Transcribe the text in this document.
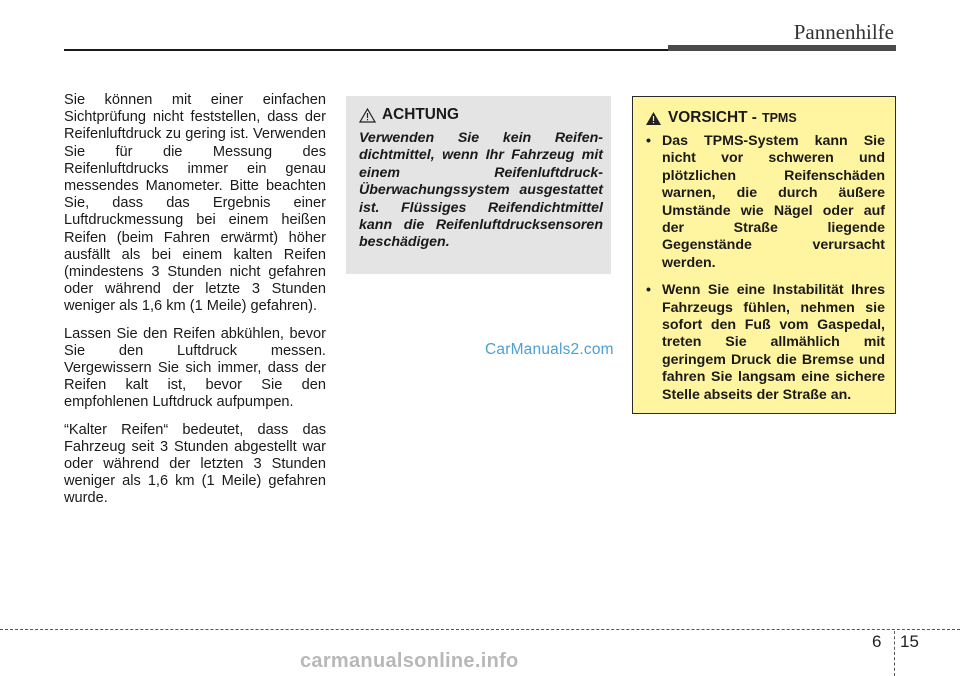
Pannenhilfe

Sie können mit einer einfachen Sichtprüfung nicht feststellen, dass der Reifenluftdruck zu gering ist. Verwenden Sie für die Messung des Reifenluftdrucks immer ein genau messendes Manometer. Bitte beachten Sie, dass das Ergebnis einer Luftdruckmessung bei einem heißen Reifen (beim Fahren erwärmt) höher ausfällt als bei einem kalten Reifen (mindestens 3 Stunden nicht gefahren oder während der letzte 3 Stunden weniger als 1,6 km (1 Meile) gefahren).

Lassen Sie den Reifen abkühlen, bevor Sie den Luftdruck messen. Vergewissern Sie sich immer, dass der Reifen kalt ist, bevor Sie den empfohlenen Luftdruck aufpumpen.

“Kalter Reifen“ bedeutet, dass das Fahrzeug seit 3 Stunden abgestellt war oder während der letzten 3 Stunden weniger als 1,6 km (1 Meile) gefahren wurde.

ACHTUNG
Verwenden Sie kein Reifen-dichtmittel, wenn Ihr Fahrzeug mit einem Reifenluftdruck-Überwachungssystem ausgestattet ist. Flüssiges Reifendichtmittel kann die Reifenluftdrucksensoren beschädigen.
VORSICHT - TPMS
• Das TPMS-System kann Sie nicht vor schweren und plötzlichen Reifenschäden warnen, die durch äußere Umstände wie Nägel oder auf der Straße liegende Gegenstände verursacht werden.
• Wenn Sie eine Instabilität Ihres Fahrzeugs fühlen, nehmen sie sofort den Fuß vom Gaspedal, treten Sie allmählich mit geringem Druck die Bremse und fahren Sie langsam eine sichere Stelle abseits der Straße an.
CarManuals2.com
6 15
carmanualsonline.info
